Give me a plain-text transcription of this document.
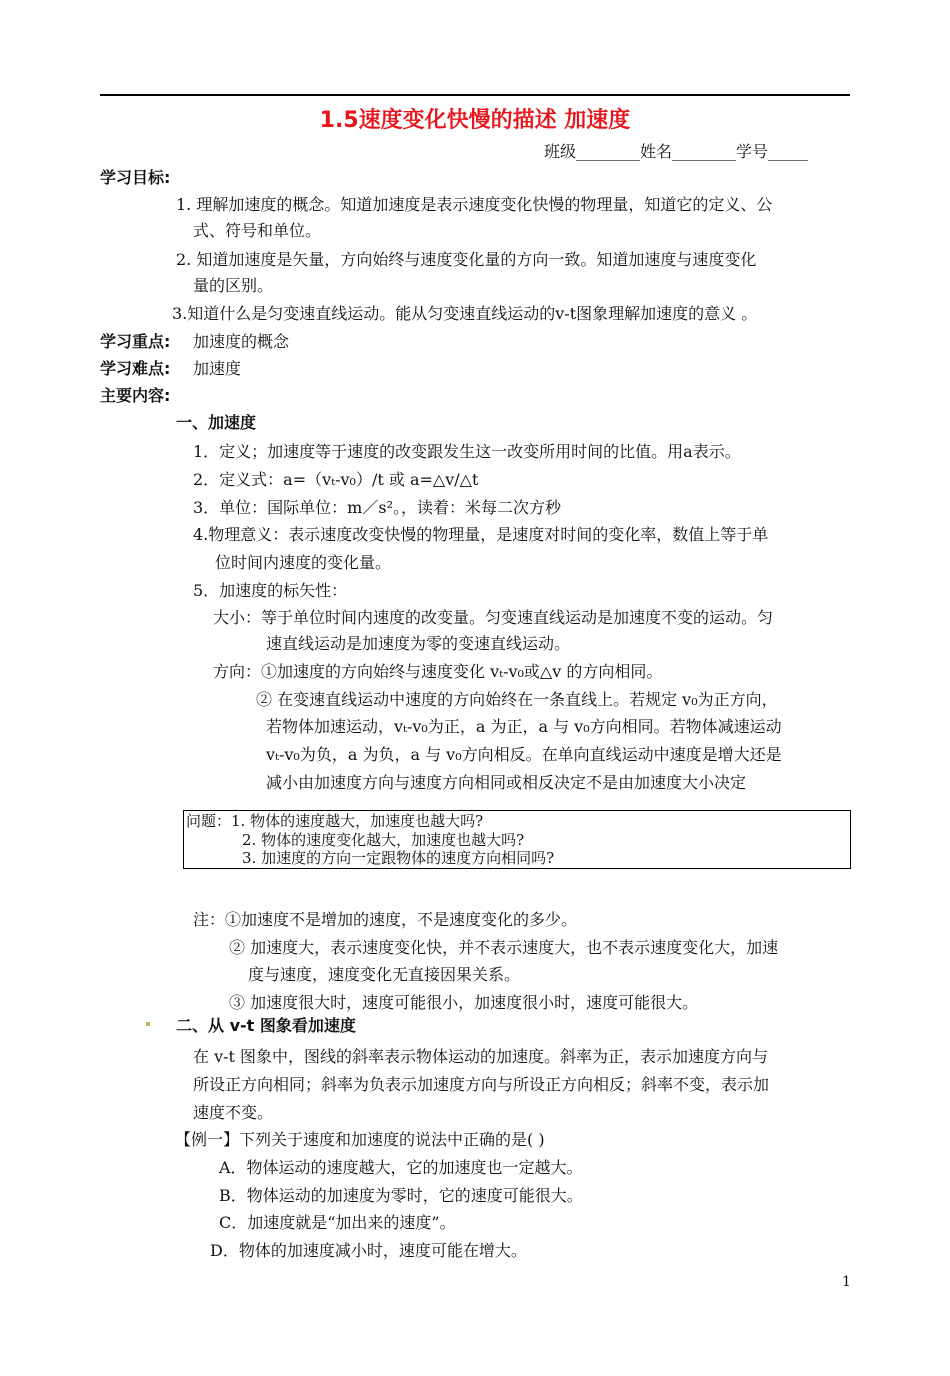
1.5速度变化快慢的描述 加速度
班级________姓名________学号_____
学习目标:
1. 理解加速度的概念。知道加速度是表示速度变化快慢的物理量，知道它的定义、公
式、符号和单位。
2. 知道加速度是矢量，方向始终与速度变化量的方向一致。知道加速度与速度变化
量的区别。
3.知道什么是匀变速直线运动。能从匀变速直线运动的v-t图象理解加速度的意义 。
学习重点: 加速度的概念
学习难点: 加速度
主要内容:
一、加速度
1．定义；加速度等于速度的改变跟发生这一改变所用时间的比值。用a表示。
2．定义式：a=（vₜ-v₀）/t 或 a=△v/△t
3．单位：国际单位：m／s²。，读着：米每二次方秒
4.物理意义：表示速度改变快慢的物理量，是速度对时间的变化率，数值上等于单
位时间内速度的变化量。
5．加速度的标矢性：
大小：等于单位时间内速度的改变量。匀变速直线运动是加速度不变的运动。匀
速直线运动是加速度为零的变速直线运动。
方向：①加速度的方向始终与速度变化 vₜ-v₀或△v 的方向相同。
② 在变速直线运动中速度的方向始终在一条直线上。若规定 v₀为正方向，
若物体加速运动，vₜ-v₀为正，a 为正，a 与 v₀方向相同。若物体减速运动
vₜ-v₀为负，a 为负，a 与 v₀方向相反。在单向直线运动中速度是增大还是
减小由加速度方向与速度方向相同或相反决定不是由加速度大小决定
问题：1. 物体的速度越大，加速度也越大吗?
2. 物体的速度变化越大，加速度也越大吗?
3. 加速度的方向一定跟物体的速度方向相同吗?
注：①加速度不是增加的速度，不是速度变化的多少。
② 加速度大，表示速度变化快，并不表示速度大，也不表示速度变化大，加速
度与速度，速度变化无直接因果关系。
③ 加速度很大时，速度可能很小，加速度很小时，速度可能很大。
二、从 v-t 图象看加速度
在 v-t 图象中，图线的斜率表示物体运动的加速度。斜率为正，表示加速度方向与
所设正方向相同；斜率为负表示加速度方向与所设正方向相反；斜率不变，表示加
速度不变。
【例一】下列关于速度和加速度的说法中正确的是( )
A．物体运动的速度越大，它的加速度也一定越大。
B．物体运动的加速度为零时，它的速度可能很大。
C．加速度就是“加出来的速度”。
D．物体的加速度减小时，速度可能在增大。
1
